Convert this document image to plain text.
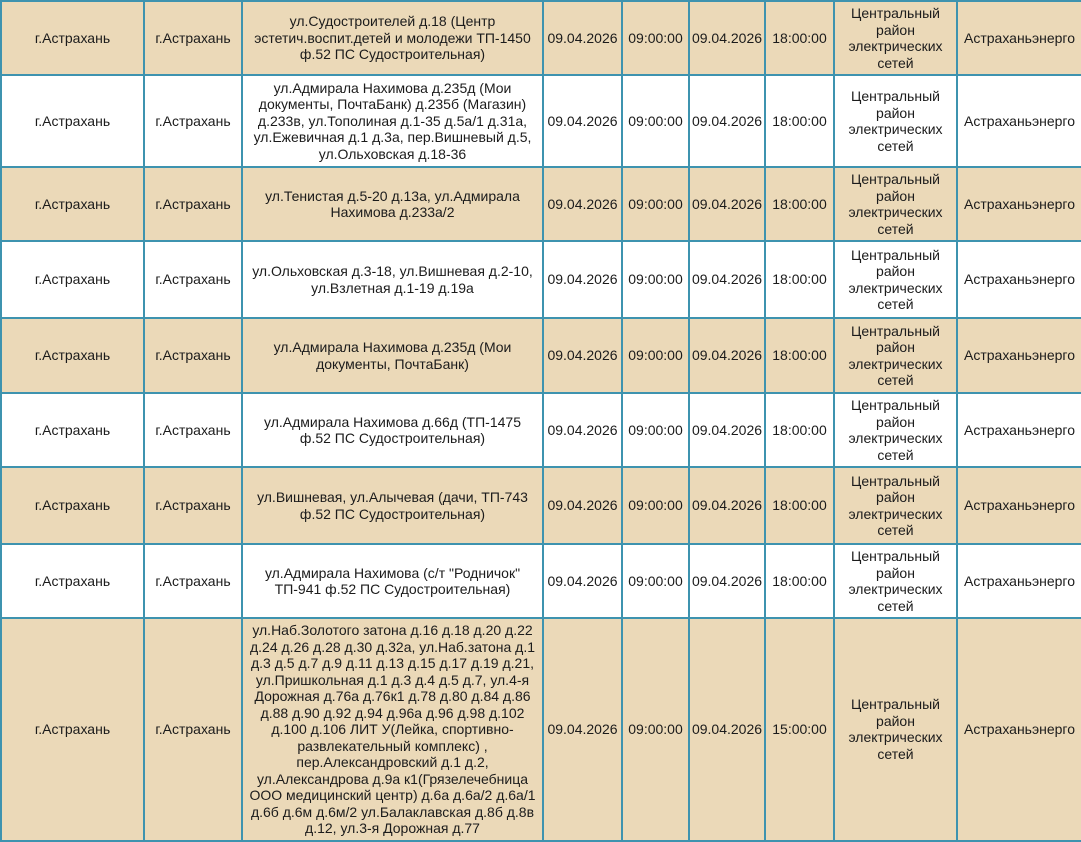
г.Астрахань	г.Астрахань	ул.Судостроителей д.18 (Центр эстетич.воспит.детей и молодежи ТП-1450 ф.52 ПС Судостроительная)	09.04.2026	09:00:00	09.04.2026	18:00:00	Центральный район электрических сетей	Астраханьэнерго
г.Астрахань	г.Астрахань	ул.Адмирала Нахимова д.235д (Мои документы, ПочтаБанк) д.235б (Магазин) д.233в, ул.Тополиная д.1-35 д.5а/1 д.31а, ул.Ежевичная д.1 д.3а, пер.Вишневый д.5, ул.Ольховская д.18-36	09.04.2026	09:00:00	09.04.2026	18:00:00	Центральный район электрических сетей	Астраханьэнерго
г.Астрахань	г.Астрахань	ул.Тенистая д.5-20 д.13а, ул.Адмирала Нахимова д.233а/2	09.04.2026	09:00:00	09.04.2026	18:00:00	Центральный район электрических сетей	Астраханьэнерго
г.Астрахань	г.Астрахань	ул.Ольховская д.3-18, ул.Вишневая д.2-10, ул.Взлетная д.1-19 д.19а	09.04.2026	09:00:00	09.04.2026	18:00:00	Центральный район электрических сетей	Астраханьэнерго
г.Астрахань	г.Астрахань	ул.Адмирала Нахимова д.235д (Мои документы, ПочтаБанк)	09.04.2026	09:00:00	09.04.2026	18:00:00	Центральный район электрических сетей	Астраханьэнерго
г.Астрахань	г.Астрахань	ул.Адмирала Нахимова д.66д (ТП-1475 ф.52 ПС Судостроительная)	09.04.2026	09:00:00	09.04.2026	18:00:00	Центральный район электрических сетей	Астраханьэнерго
г.Астрахань	г.Астрахань	ул.Вишневая, ул.Алычевая (дачи, ТП-743 ф.52 ПС Судостроительная)	09.04.2026	09:00:00	09.04.2026	18:00:00	Центральный район электрических сетей	Астраханьэнерго
г.Астрахань	г.Астрахань	ул.Адмирала Нахимова (с/т "Родничок" ТП-941 ф.52 ПС Судостроительная)	09.04.2026	09:00:00	09.04.2026	18:00:00	Центральный район электрических сетей	Астраханьэнерго
г.Астрахань	г.Астрахань	ул.Наб.Золотого затона д.16 д.18 д.20 д.22 д.24 д.26 д.28 д.30 д.32а, ул.Наб.затона д.1 д.3 д.5 д.7 д.9 д.11 д.13 д.15 д.17 д.19 д.21, ул.Пришкольная д.1 д.3 д.4 д.5 д.7, ул.4-я Дорожная д.76а д.76к1 д.78 д.80 д.84 д.86 д.88 д.90 д.92 д.94 д.96а д.96 д.98 д.102 д.100 д.106 ЛИТ У(Лейка, спортивно-развлекательный комплекс) , пер.Александровский д.1 д.2, ул.Александрова д.9а к1(Грязелечебница ООО медицинский центр) д.6а д.6а/2 д.6а/1 д.6б д.6м д.6м/2 ул.Балаклавская д.8б д.8в д.12, ул.3-я Дорожная д.77	09.04.2026	09:00:00	09.04.2026	15:00:00	Центральный район электрических сетей	Астраханьэнерго
